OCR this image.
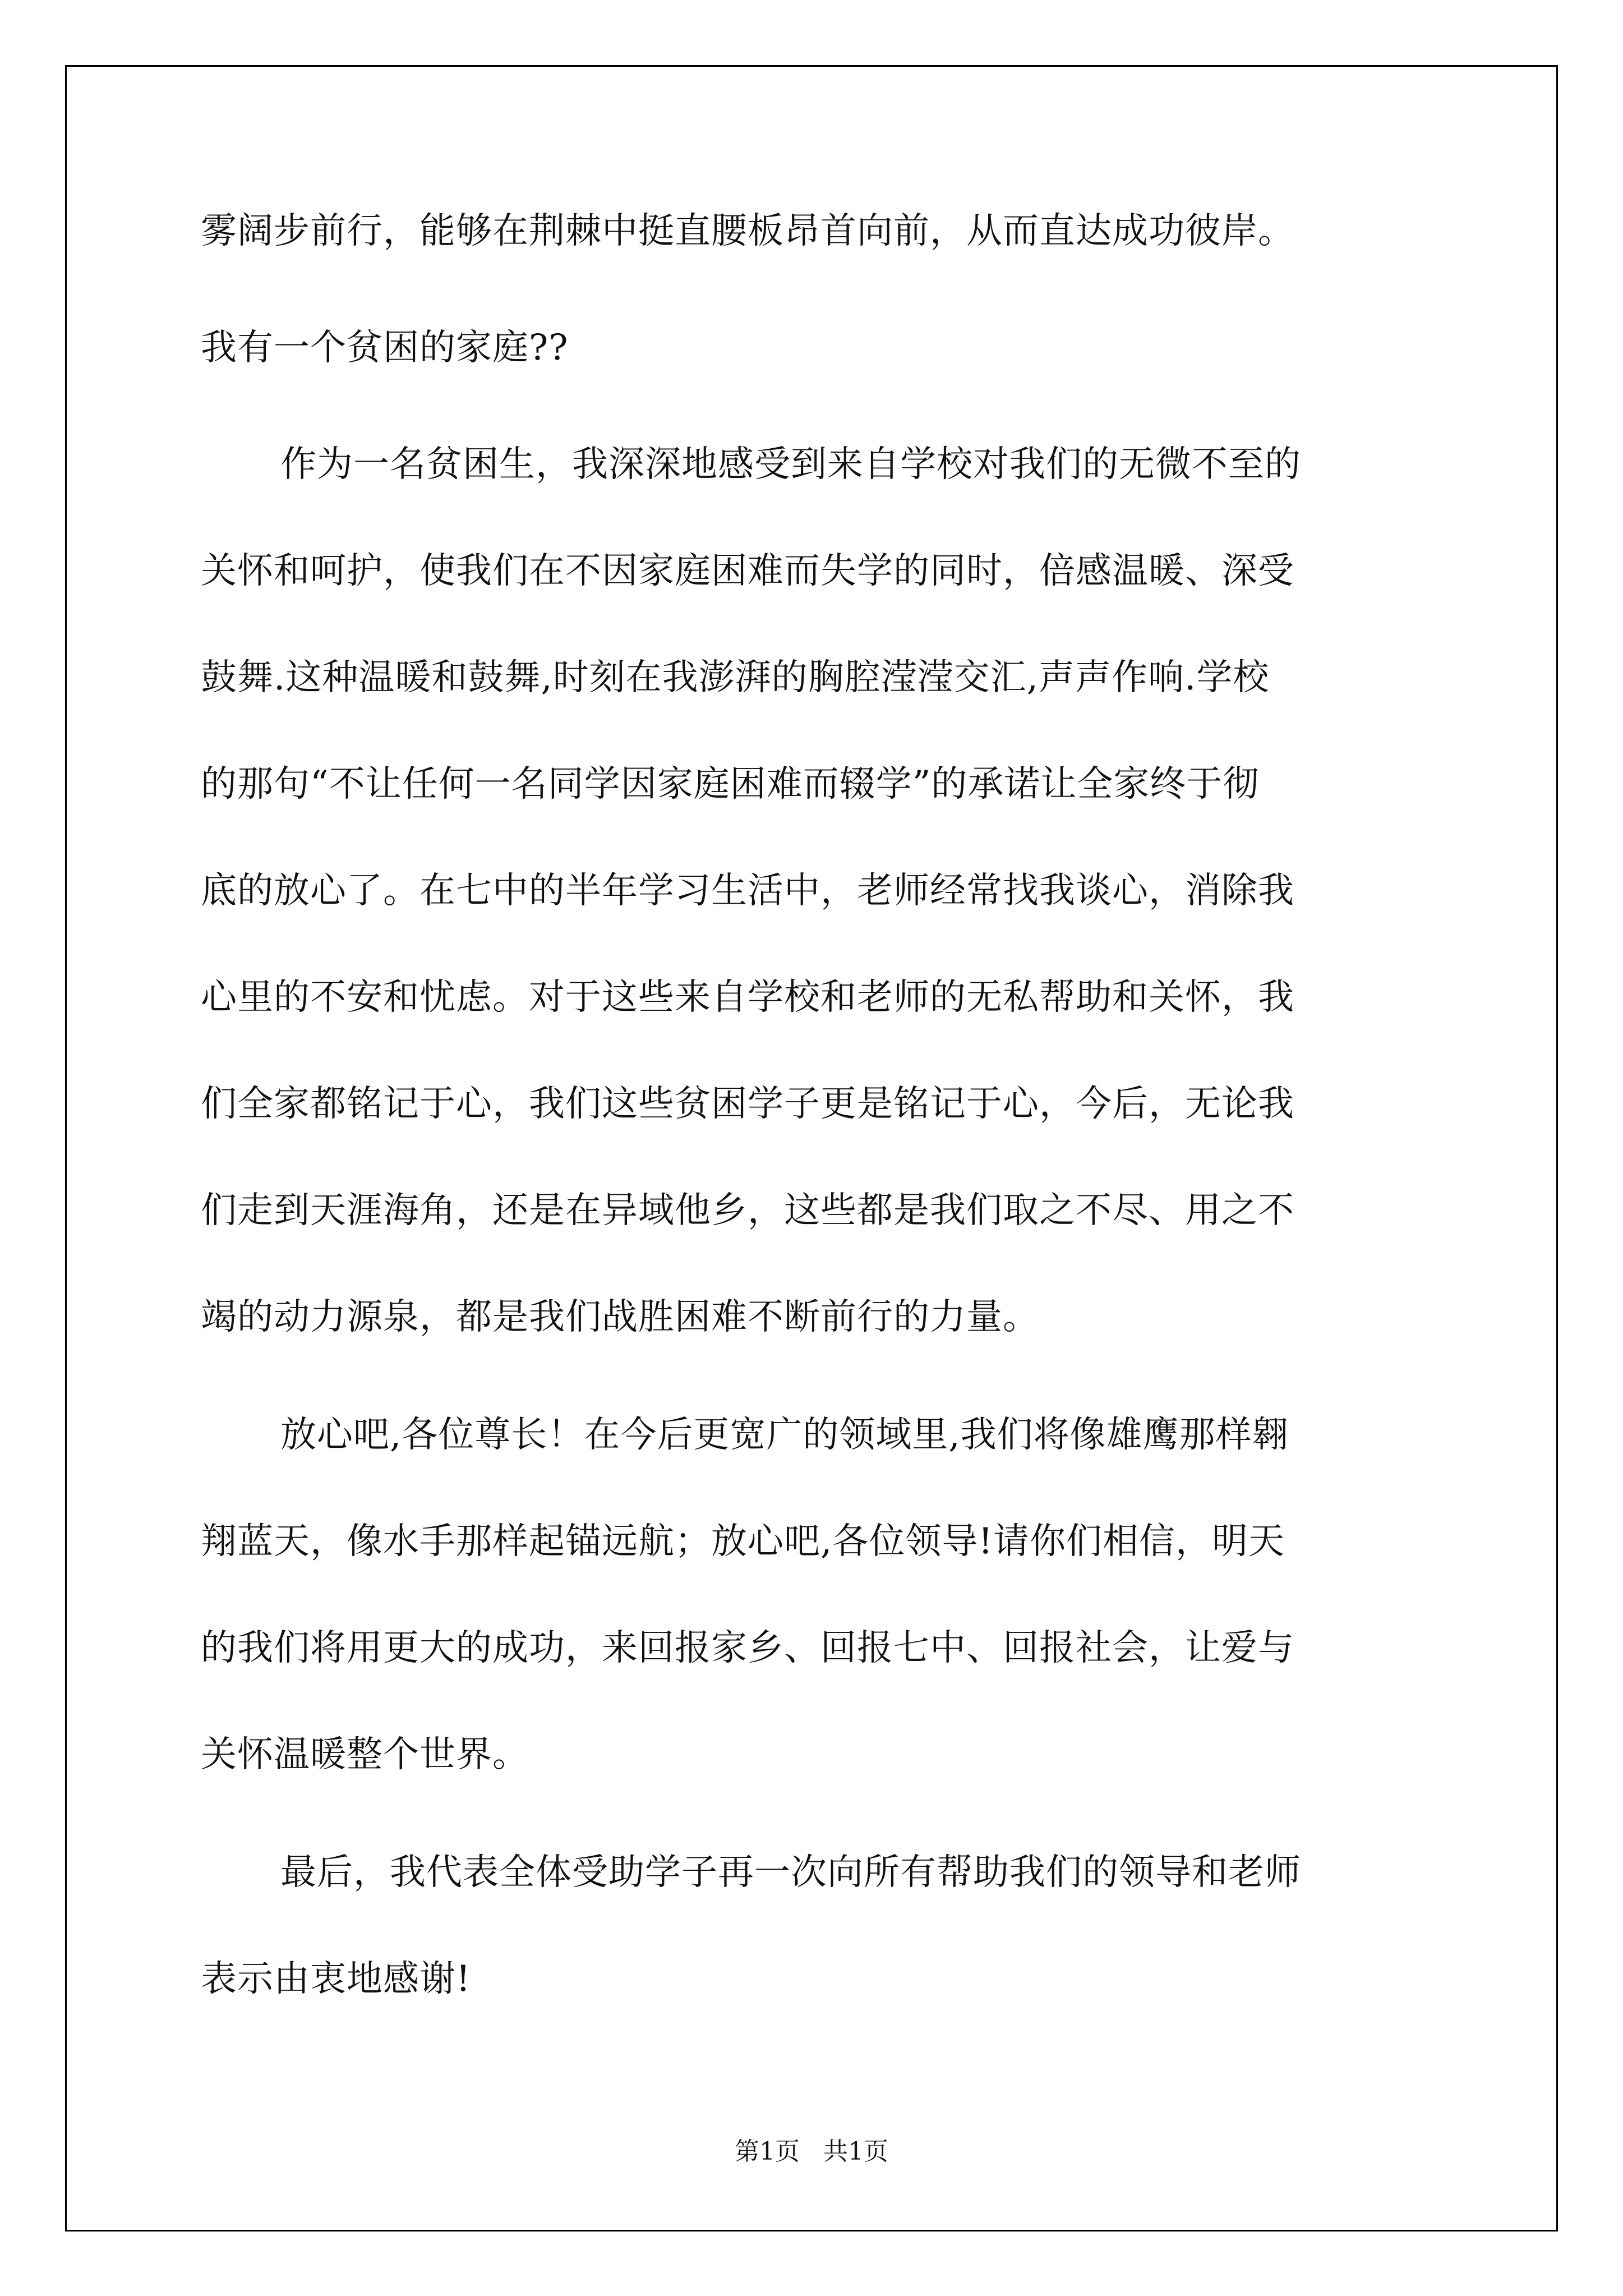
雾阔步前行，能够在荆棘中挺直腰板昂首向前，从而直达成功彼岸。
我有一个贫困的家庭??
作为一名贫困生，我深深地感受到来自学校对我们的无微不至的
关怀和呵护，使我们在不因家庭困难而失学的同时，倍感温暖、深受
鼓舞.这种温暖和鼓舞,时刻在我澎湃的胸腔滢滢交汇,声声作响.学校
的那句“不让任何一名同学因家庭困难而辍学”的承诺让全家终于彻
底的放心了。在七中的半年学习生活中，老师经常找我谈心，消除我
心里的不安和忧虑。对于这些来自学校和老师的无私帮助和关怀，我
们全家都铭记于心，我们这些贫困学子更是铭记于心，今后，无论我
们走到天涯海角，还是在异域他乡，这些都是我们取之不尽、用之不
竭的动力源泉，都是我们战胜困难不断前行的力量。
放心吧,各位尊长！在今后更宽广的领域里,我们将像雄鹰那样翱
翔蓝天，像水手那样起锚远航；放心吧,各位领导!请你们相信，明天
的我们将用更大的成功，来回报家乡、回报七中、回报社会，让爱与
关怀温暖整个世界。
最后，我代表全体受助学子再一次向所有帮助我们的领导和老师
表示由衷地感谢!
第1页   共1页
